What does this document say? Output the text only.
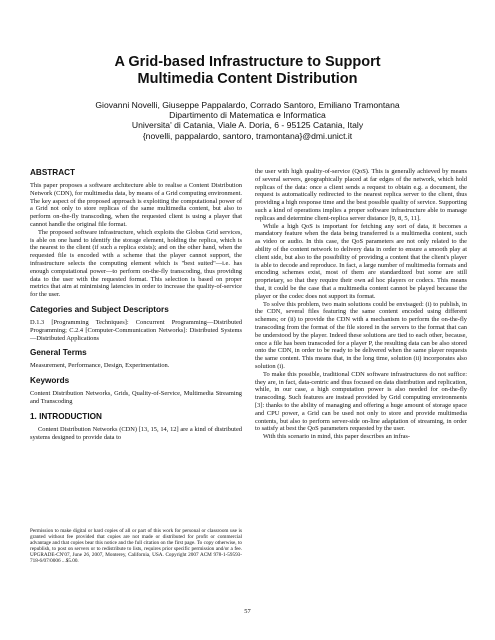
A Grid-based Infrastructure to Support
Multimedia Content Distribution
Giovanni Novelli, Giuseppe Pappalardo, Corrado Santoro, Emiliano Tramontana
Dipartimento di Matematica e Informatica
Universita' di Catania, Viale A. Doria, 6 - 95125 Catania, Italy
{novelli, pappalardo, santoro, tramontana}@dmi.unict.it
ABSTRACT

This paper proposes a software architecture able to realise a Content Distribution Network (CDN), for multimedia data, by means of a Grid computing environment. The key aspect of the proposed approach is exploiting the computational power of a Grid not only to store replicas of the same multimedia content, but also to perform on-the-fly transcoding, when the requested client is using a player that cannot handle the original file format.

The proposed software infrastructure, which exploits the Globus Grid services, is able on one hand to identify the storage element, holding the replica, which is the nearest to the client (if such a replica exists); and on the other hand, when the requested file is encoded with a scheme that the player cannot support, the infrastructure selects the computing element which is "best suited"—i.e. has enough computational power—to perform on-the-fly transcoding, thus providing data to the user with the requested format. This selection is based on proper metrics that aim at minimising latencies in order to increase the quality-of-service for the user.

Categories and Subject Descriptors

D.1.3 [Programming Techniques]: Concurrent Programming—Distributed Programming; C.2.4 [Computer-Communication Networks]: Distributed Systems—Distributed Applications

General Terms

Measurement, Performance, Design, Experimentation.

Keywords

Content Distribution Networks, Grids, Quality-of-Service, Multimedia Streaming and Transcoding

1. INTRODUCTION

Content Distribution Networks (CDN) [13, 15, 14, 12] are a kind of distributed systems designed to provide data to

Permission to make digital or hard copies of all or part of this work for personal or classroom use is granted without fee provided that copies are not made or distributed for profit or commercial advantage and that copies bear this notice and the full citation on the first page. To copy otherwise, to republish, to post on servers or to redistribute to lists, requires prior specific permission and/or a fee. UPGRADE-CN'07, June 26, 2007, Monterey, California, USA. Copyright 2007 ACM 978-1-59593-718-6/07/0006 ...$5.00.

the user with high quality-of-service (QoS). This is generally achieved by means of several servers, geographically placed at far edges of the network, which hold replicas of the data: once a client sends a request to obtain e.g. a document, the request is automatically redirected to the nearest replica server to the client, thus providing a high response time and the best possible quality of service. Supporting such a kind of operations implies a proper software infrastructure able to manage replicas and determine client-replica server distance [9, 8, 5, 11].

While a high QoS is important for fetching any sort of data, it becomes a mandatory feature when the data being transferred is a multimedia content, such as video or audio. In this case, the QoS parameters are not only related to the ability of the content network to delivery data in order to ensure a smooth play at client side, but also to the possibility of providing a content that the client's player is able to decode and reproduce. In fact, a large number of multimedia formats and encoding schemes exist, most of them are standardized but some are still proprietary, so that they require their own ad hoc players or codecs. This means that, it could be the case that a multimedia content cannot be played because the player or the codec does not support its format.

To solve this problem, two main solutions could be envisaged: (i) to publish, in the CDN, several files featuring the same content encoded using different schemes; or (ii) to provide the CDN with a mechanism to perform the on-the-fly transcoding from the format of the file stored in the servers to the format that can be understood by the player. Indeed these solutions are tied to each other, because, once a file has been transcoded for a player P, the resulting data can be also stored onto the CDN, in order to be ready to be delivered when the same player requests the same content. This means that, in the long time, solution (ii) incorporates also solution (i).

To make this possible, traditional CDN software infrastructures do not suffice: they are, in fact, data-centric and thus focused on data distribution and replication, while, in our case, a high computation power is also needed for on-the-fly transcoding. Such features are instead provided by Grid computing environments [3]: thanks to the ability of managing and offering a huge amount of storage space and CPU power, a Grid can be used not only to store and provide multimedia contents, but also to perform server-side on-line adaptation of streaming, in order to satisfy at best the QoS parameters requested by the user.

With this scenario in mind, this paper describes an infras-

57
